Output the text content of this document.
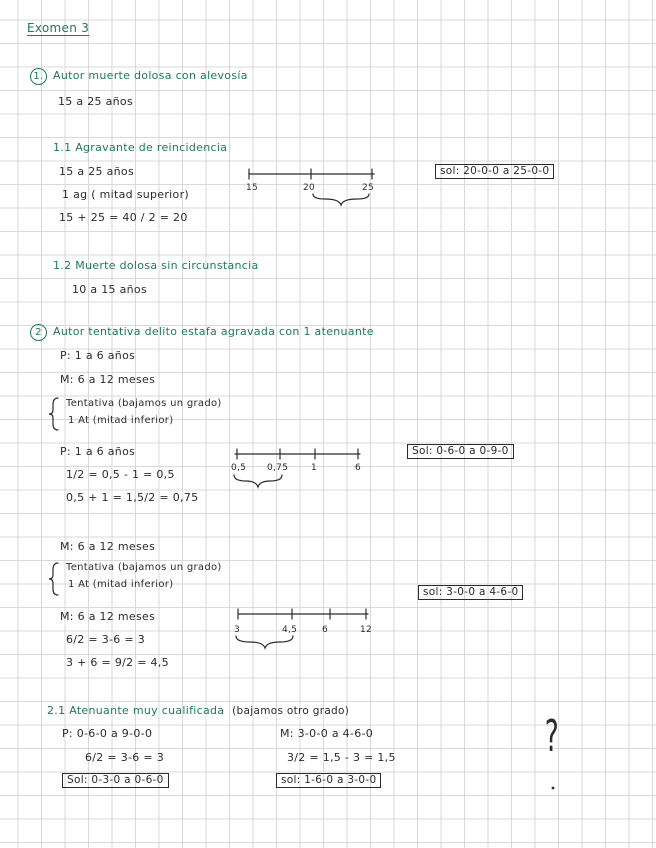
Exomen 3
1. Autor muerte dolosa con alevosía
15 a 25 años
1.1 Agravante de reincidencia
15 a 25 años
1 ag ( mitad superior)
15 + 25 = 40 / 2 = 20
15	20	25
sol: 20-0-0 a 25-0-0
1.2 Muerte dolosa sin circunstancia
10 a 15 años
2 Autor tentativa delito estafa agravada con 1 atenuante
P: 1 a 6 años
M: 6 a 12 meses
Tentativa (bajamos un grado)
1 At (mitad inferior)
P: 1 a 6 años
1/2 = 0,5 - 1 = 0,5
0,5 + 1 = 1,5/2 = 0,75
0,5 0,75	1	6
Sol: 0-6-0 a 0-9-0
M: 6 a 12 meses
Tentativa (bajamos un grado)
1 At (mitad inferior)
sol: 3-0-0 a 4-6-0
M: 6 a 12 meses
6/2 = 3-6 = 3
3 + 6 = 9/2 = 4,5
3	4,5	6	12
2.1 Atenuante muy cualificada (bajamos otro grado)
P: 0-6-0 a 9-0-0
6/2 = 3-6 = 3
Sol: 0-3-0 a 0-6-0
M: 3-0-0 a 4-6-0
3/2 = 1,5 - 3 = 1,5
sol: 1-6-0 a 3-0-0
?
